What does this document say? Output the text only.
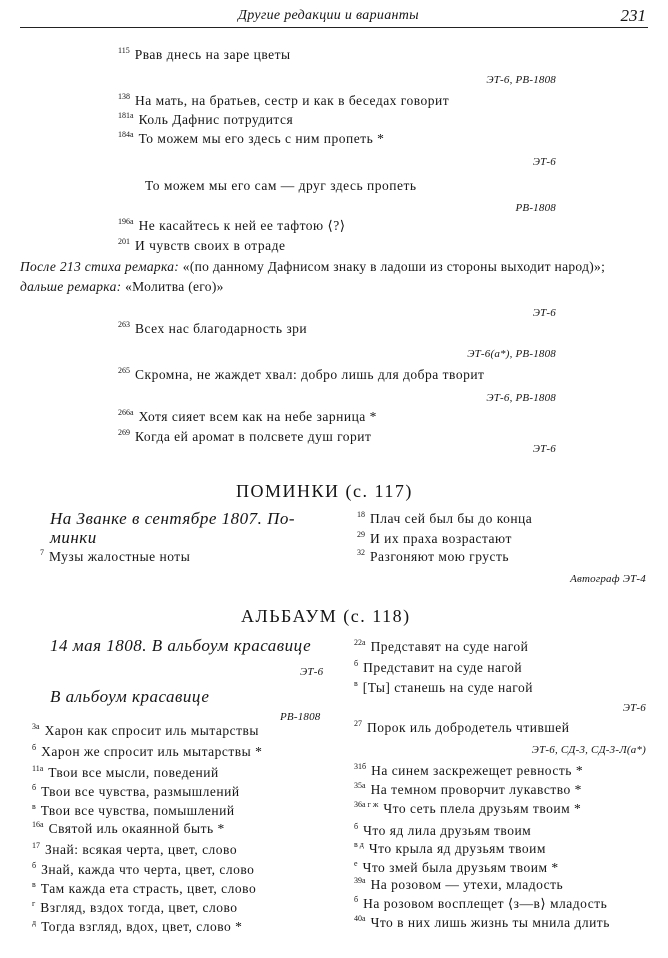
Другие редакции и варианты	231
$^{115}$ Рвав днесь на заре цветы
ЭТ-6, РВ-1808
$^{138}$ На мать, на братьев, сестр и как в беседах говорит
$^{181а}$ Коль Дафнис потрудится
$^{184а}$ То можем мы его здесь с ним пропеть *
ЭТ-6
То можем мы его сам — друг здесь пропеть
РВ-1808
$^{196а}$ Не касайтесь к ней ее тафтою ⟨?⟩
$^{201}$ И чувств своих в отраде
После 213 стиха ремарка: «(по данному Дафнисом знаку в ладоши из стороны выходит народ)»; дальше ремарка: «Молитва (его)»
ЭТ-6
$^{263}$ Всех нас благодарность зри
ЭТ-6(а*), РВ-1808
$^{265}$ Скромна, не жаждет хвал: добро лишь для добра творит
ЭТ-6, РВ-1808
$^{266а}$ Хотя сияет всем как на небе зарница *
$^{269}$ Когда ей аромат в полсвете душ горит
ЭТ-6
ПОМИНКИ (с. 117)
На Званке в сентябре 1807. По-
минки
$^7$ Музы жалостные ноты
$^{18}$ Плач сей был бы до конца
$^{29}$ И их праха возрастают
$^{32}$ Разгоняют мою грусть
Автограф ЭТ-4
АЛЬБАУМ (с. 118)
14 мая 1808. В альбоум красавице
ЭТ-6
В альбоум красавице
РВ-1808
$^{3а}$ Харон как спросит иль мытарствы
$^б$ Харон же спросит иль мытарствы *
$^{11а}$ Твои все мысли, поведений
$^б$ Твои все чувства, размышлений
$^в$ Твои все чувства, помышлений
$^{16а}$ Святой иль окаянной быть *
$^{17}$ Знай: всякая черта, цвет, слово
$^б$ Знай, кажда что черта, цвет, слово
$^в$ Там кажда ета страсть, цвет, слово
$^г$ Взгляд, вздох тогда, цвет, слово
$^д$ Тогда взгляд, вдох, цвет, слово *
$^{22а}$ Представят на суде нагой
$^б$ Представит на суде нагой
$^в$ [Ты] станешь на суде нагой
ЭТ-6
$^{27}$ Порок иль добродетель чтившей
ЭТ-6, СД-3, СД-3-Л(а*)
$^{31б}$ На синем заскрежещет ревность *
$^{35а}$ На темном проворчит лукавство *
$^{36а г ж}$ Что сеть плела друзьям твоим *
$^б$ Что яд лила друзьям твоим
$^{в д}$ Что крыла яд друзьям твоим
$^е$ Что змей была друзьям твоим *
$^{39а}$ На розовом — утехи, младость
$^б$ На розовом восплещет ⟨з—в⟩ младость
$^{40а}$ Что в них лишь жизнь ты мнила длить
